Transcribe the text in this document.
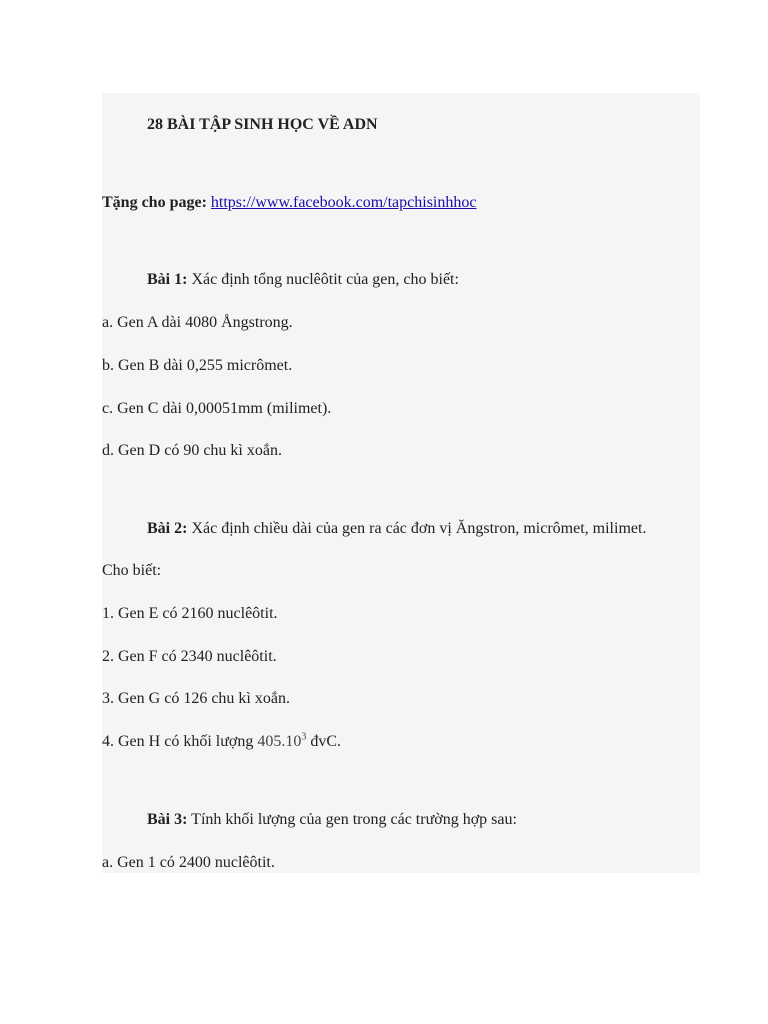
28 BÀI TẬP SINH HỌC VỀ ADN
Tặng cho page: https://www.facebook.com/tapchisinhhoc
Bài 1: Xác định tổng nuclêôtit của gen, cho biết:
a. Gen A dài 4080 Ångstrong.
b. Gen B dài 0,255 micrômet.
c. Gen C dài 0,00051mm (milimet).
d. Gen D có 90 chu kì xoắn.
Bài 2: Xác định chiều dài của gen ra các đơn vị Ăngstron, micrômet, milimet.
Cho biết:
1. Gen E có 2160 nuclêôtit.
2. Gen F có 2340 nuclêôtit.
3. Gen G có 126 chu kì xoắn.
4. Gen H có khối lượng 405.10$^3$ đvC.
Bài 3: Tính khối lượng của gen trong các trường hợp sau:
a. Gen 1 có 2400 nuclêôtit.
